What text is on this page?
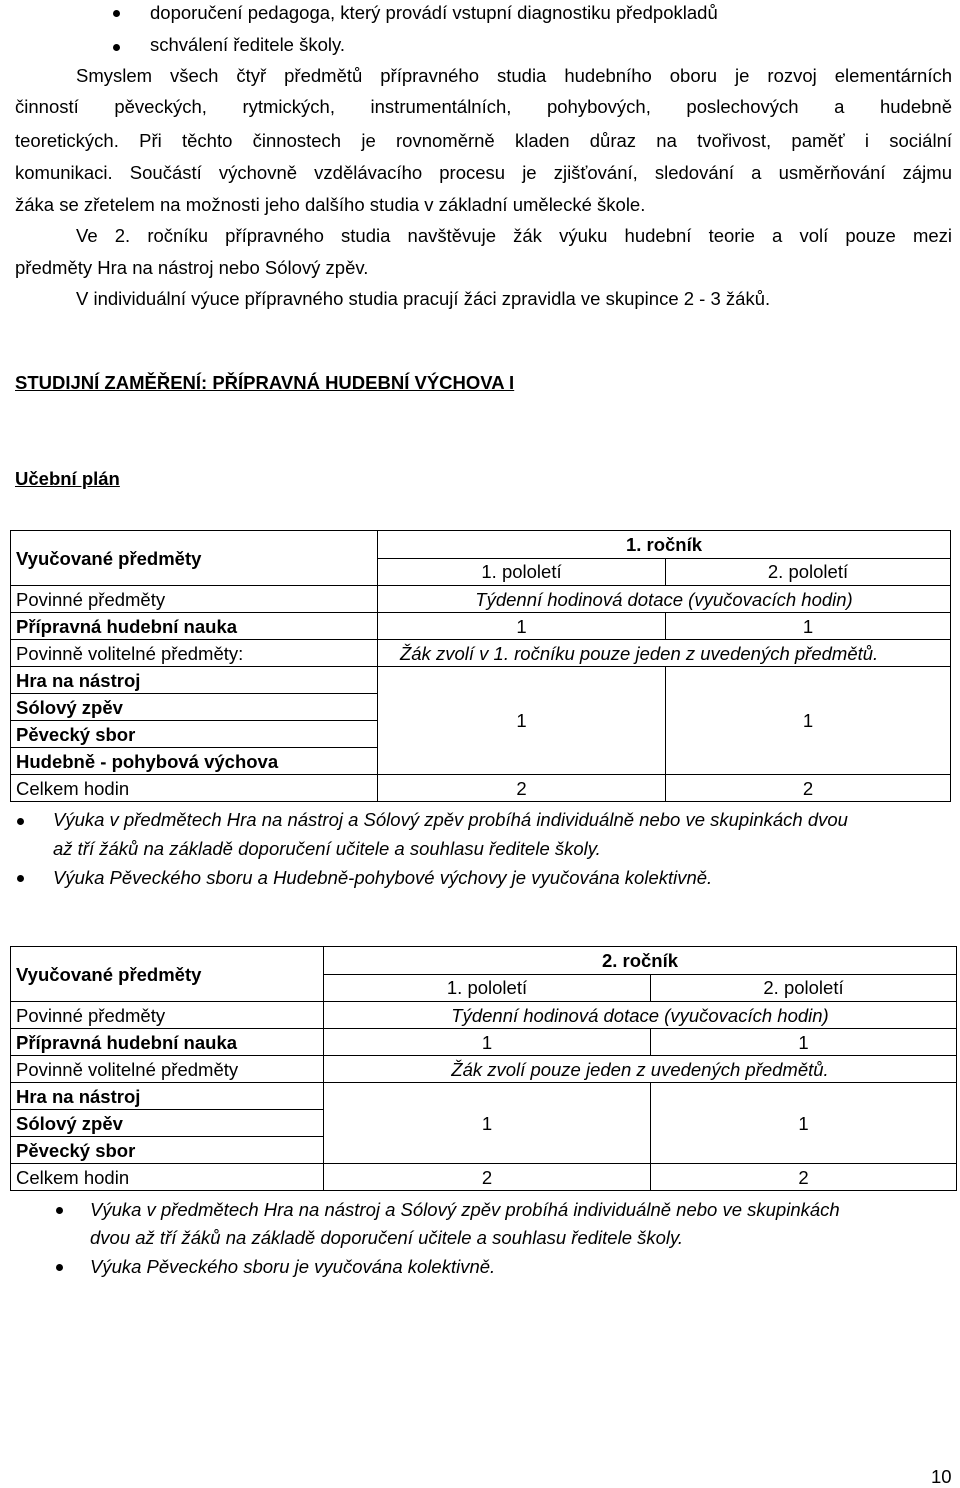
doporučení pedagoga, který provádí vstupní diagnostiku předpokladů
schválení ředitele školy.
Smyslem všech čtyř předmětů přípravného studia hudebního oboru je rozvoj elementárních
činností pěveckých, rytmických, instrumentálních, pohybových, poslechových a hudebně
teoretických. Při těchto činnostech je rovnoměrně kladen důraz na tvořivost, paměť i sociální
komunikaci. Součástí výchovně vzdělávacího procesu je zjišťování, sledování a usměrňování zájmu
žáka se zřetelem na možnosti jeho dalšího studia v základní umělecké škole.
Ve 2. ročníku přípravného studia navštěvuje žák výuku hudební teorie a volí pouze mezi
předměty Hra na nástroj nebo Sólový zpěv.
V individuální výuce přípravného studia pracují žáci zpravidla ve skupince 2 - 3 žáků.
STUDIJNÍ ZAMĚŘENÍ: PŘÍPRAVNÁ HUDEBNÍ VÝCHOVA I
Učební plán
Vyučované předměty	1. ročník	
	1. pololetí	2. pololetí
Povinné předměty	Týdenní hodinová dotace (vyučovacích hodin)	
Přípravná hudební nauka	1	1
Povinně volitelné předměty:	Žák zvolí v 1. ročníku pouze jeden z uvedených předmětů.	
Hra na nástroj	1	1
Sólový zpěv		
Pěvecký sbor		
Hudebně - pohybová výchova		
Celkem hodin	2	2
Výuka v předmětech Hra na nástroj a Sólový zpěv probíhá individuálně nebo ve skupinkách dvou
až tří žáků na základě doporučení učitele a souhlasu ředitele školy.
Výuka Pěveckého sboru a Hudebně-pohybové výchovy je vyučována kolektivně.
Vyučované předměty	2. ročník	
	1. pololetí	2. pololetí
Povinné předměty	Týdenní hodinová dotace (vyučovacích hodin)	
Přípravná hudební nauka	1	1
Povinně volitelné předměty	Žák zvolí pouze jeden z uvedených předmětů.	
Hra na nástroj	1	1
Sólový zpěv		
Pěvecký sbor		
Celkem hodin	2	2
Výuka v předmětech Hra na nástroj a Sólový zpěv probíhá individuálně nebo ve skupinkách
dvou až tří žáků na základě doporučení učitele a souhlasu ředitele školy.
Výuka Pěveckého sboru je vyučována kolektivně.
10
